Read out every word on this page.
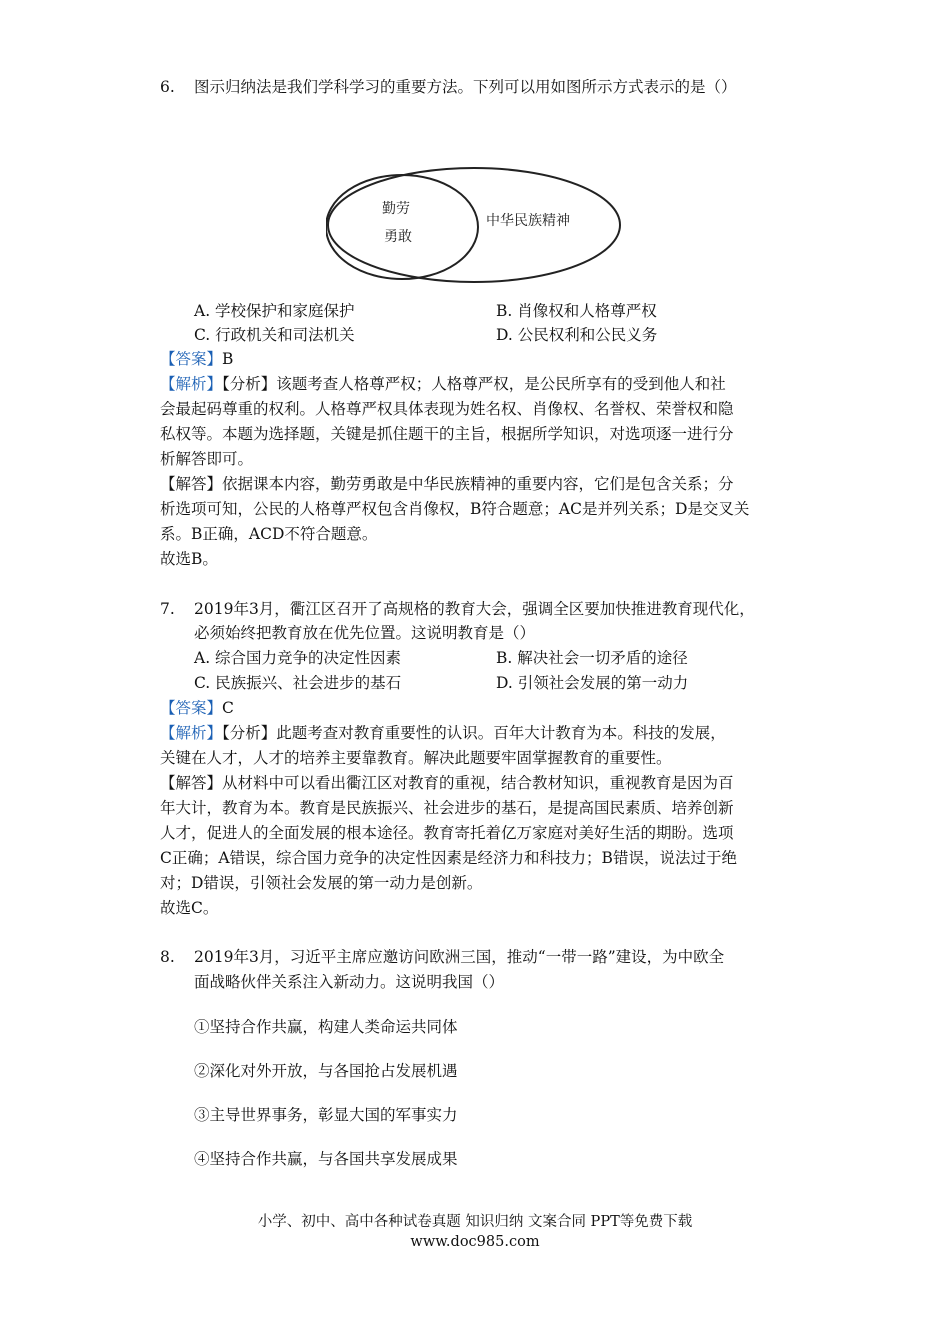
6. 图示归纳法是我们学科学习的重要方法。下列可以用如图所示方式表示的是（）
勤劳
勇敢
中华民族精神
A. 学校保护和家庭保护	B. 肖像权和人格尊严权
C. 行政机关和司法机关	D. 公民权利和公民义务
【答案】B
【解析】【分析】该题考查人格尊严权；人格尊严权，是公民所享有的受到他人和社
会最起码尊重的权利。人格尊严权具体表现为姓名权、肖像权、名誉权、荣誉权和隐
私权等。本题为选择题，关键是抓住题干的主旨，根据所学知识，对选项逐一进行分
析解答即可。
【解答】依据课本内容，勤劳勇敢是中华民族精神的重要内容，它们是包含关系；分
析选项可知，公民的人格尊严权包含肖像权，B符合题意；AC是并列关系；D是交叉关
系。B正确，ACD不符合题意。
故选B。
7. 2019年3月，衢江区召开了高规格的教育大会，强调全区要加快推进教育现代化，
必须始终把教育放在优先位置。这说明教育是（）
A. 综合国力竞争的决定性因素	B. 解决社会一切矛盾的途径
C. 民族振兴、社会进步的基石	D. 引领社会发展的第一动力
【答案】C
【解析】【分析】此题考查对教育重要性的认识。百年大计教育为本。科技的发展，
关键在人才，人才的培养主要靠教育。解决此题要牢固掌握教育的重要性。
【解答】从材料中可以看出衢江区对教育的重视，结合教材知识，重视教育是因为百
年大计，教育为本。教育是民族振兴、社会进步的基石，是提高国民素质、培养创新
人才，促进人的全面发展的根本途径。教育寄托着亿万家庭对美好生活的期盼。选项
C正确；A错误，综合国力竞争的决定性因素是经济力和科技力；B错误，说法过于绝
对；D错误，引领社会发展的第一动力是创新。
故选C。
8. 2019年3月，习近平主席应邀访问欧洲三国，推动“一带一路”建设，为中欧全
面战略伙伴关系注入新动力。这说明我国（）
①坚持合作共赢，构建人类命运共同体
②深化对外开放，与各国抢占发展机遇
③主导世界事务，彰显大国的军事实力
④坚持合作共赢，与各国共享发展成果
小学、初中、高中各种试卷真题 知识归纳 文案合同 PPT等免费下载
www.doc985.com
